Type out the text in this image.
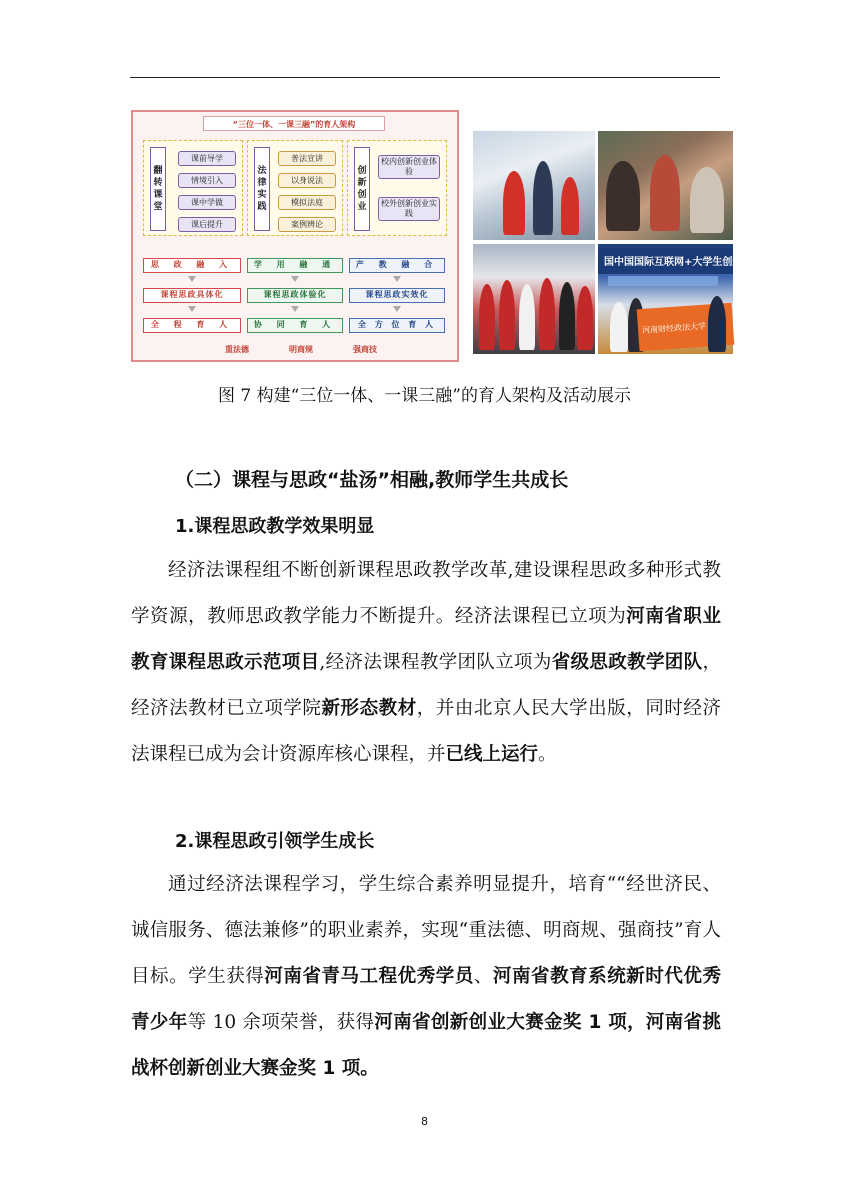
“三位一体、一课三融”的育人架构
翻转课堂
课前导学
情境引入
课中学做
课后提升
法律实践
普法宣讲
以身说法
模拟法庭
案例辨论
创新创业
校内创新创业体验
校外创新创业实践
思 政 融 入	学 用 融 通	产 教 融 合
课程思政具体化	课程思政体验化	课程思政实效化
全 程 育 人	协 同 育 人	全 方 位 育 人
重法德	明商规	强商技
国中国国际互联网+大学生创新创
河南财经政法大学
图 7 构建“三位一体、一课三融”的育人架构及活动展示
（二）课程与思政“盐汤”相融,教师学生共成长
1.课程思政教学效果明显

经济法课程组不断创新课程思政教学改革,建设课程思政多种形式教学资源，教师思政教学能力不断提升。经济法课程已立项为河南省职业教育课程思政示范项目,经济法课程教学团队立项为省级思政教学团队，经济法教材已立项学院新形态教材，并由北京人民大学出版，同时经济法课程已成为会计资源库核心课程，并已线上运行。

2.课程思政引领学生成长

通过经济法课程学习，学生综合素养明显提升，培育““经世济民、诚信服务、德法兼修”的职业素养，实现“重法德、明商规、强商技”育人目标。学生获得河南省青马工程优秀学员、河南省教育系统新时代优秀青少年等 10 余项荣誉，获得河南省创新创业大赛金奖 1 项，河南省挑战杯创新创业大赛金奖 1 项。

8
